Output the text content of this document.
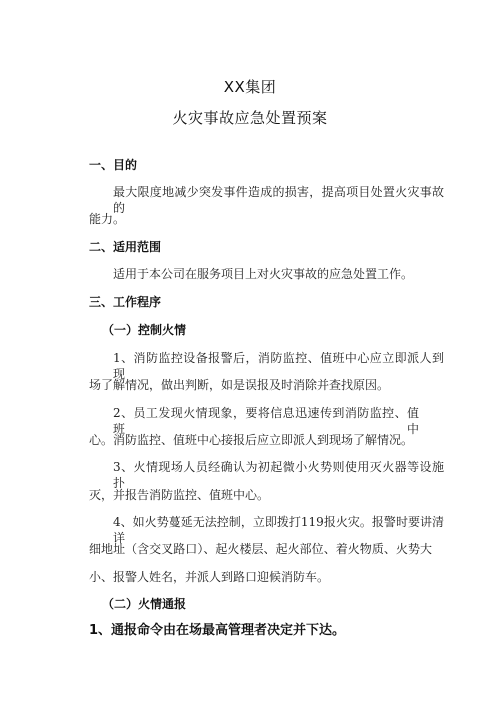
XX集团
火灾事故应急处置预案
一、目的
最大限度地减少突发事件造成的损害，提高项目处置火灾事故的
能力。
二、适用范围
适用于本公司在服务项目上对火灾事故的应急处置工作。
三、工作程序
（一）控制火情
1、消防监控设备报警后，消防监控、值班中心应立即派人到现
场了解情况，做出判断，如是误报及时消除并查找原因。
2、员工发现火情现象，要将信息迅速传到消防监控、值班中
心。消防监控、值班中心接报后应立即派人到现场了解情况。
3、火情现场人员经确认为初起微小火势则使用灭火器等设施扑
灭，并报告消防监控、值班中心。
4、如火势蔓延无法控制，立即拨打119报火灾。报警时要讲清详
细地址（含交叉路口）、起火楼层、起火部位、着火物质、火势大
小、报警人姓名，并派人到路口迎候消防车。
（二）火情通报
1、通报命令由在场最高管理者决定并下达。
